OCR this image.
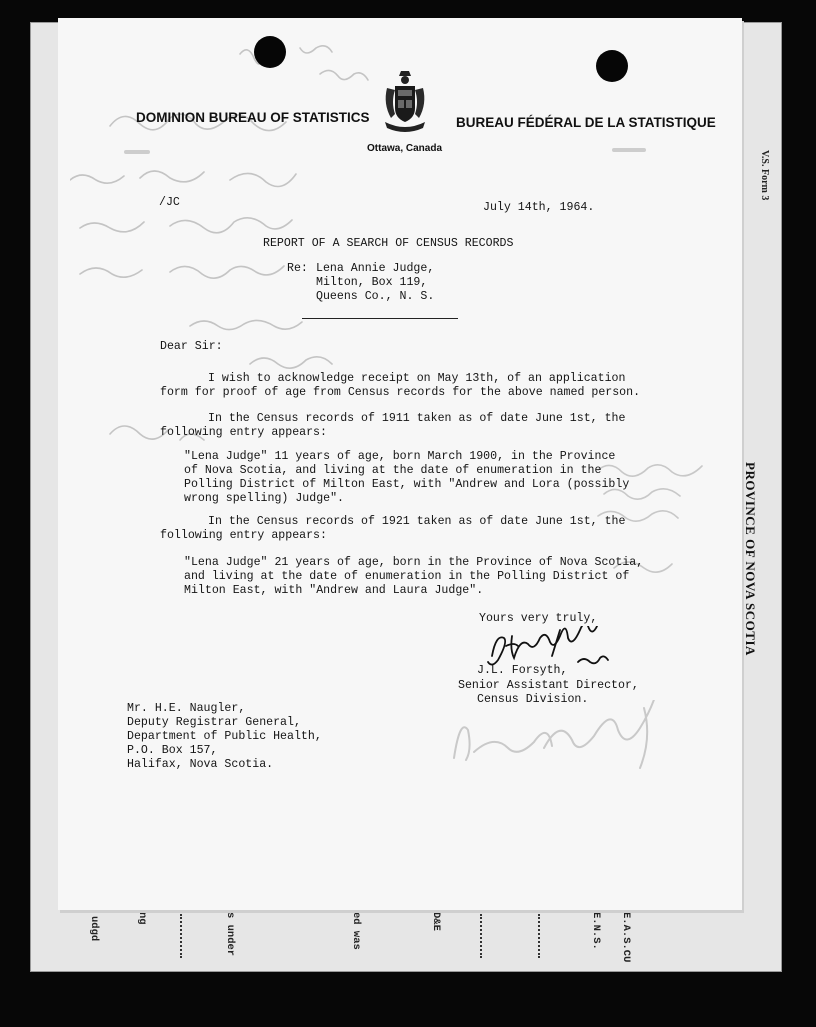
V.S. Form 3
PROVINCE OF NOVA SCOTIA
udgd	ng	s under	ed was	D&E	E.N.S. E.A.S.CU
DOMINION BUREAU OF STATISTICS	BUREAU FÉDÉRAL DE LA STATISTIQUE
Ottawa, Canada
/JC	July 14th, 1964.
REPORT OF A SEARCH OF CENSUS RECORDS
Re: Lena Annie Judge,
Milton, Box 119,
Queens Co., N. S.
Dear Sir:
I wish to acknowledge receipt on May 13th, of an application
form for proof of age from Census records for the above named person.
In the Census records of 1911 taken as of date June 1st, the
following entry appears:
"Lena Judge" 11 years of age, born March 1900, in the Province
of Nova Scotia, and living at the date of enumeration in the
Polling District of Milton East, with "Andrew and Lora (possibly
wrong spelling) Judge".
In the Census records of 1921 taken as of date June 1st, the
following entry appears:
"Lena Judge" 21 years of age, born in the Province of Nova Scotia,
and living at the date of enumeration in the Polling District of
Milton East, with "Andrew and Laura Judge".
Yours very truly,
J.L. Forsyth,
Senior Assistant Director,
Census Division.
Mr. H.E. Naugler,
Deputy Registrar General,
Department of Public Health,
P.O. Box 157,
Halifax, Nova Scotia.
